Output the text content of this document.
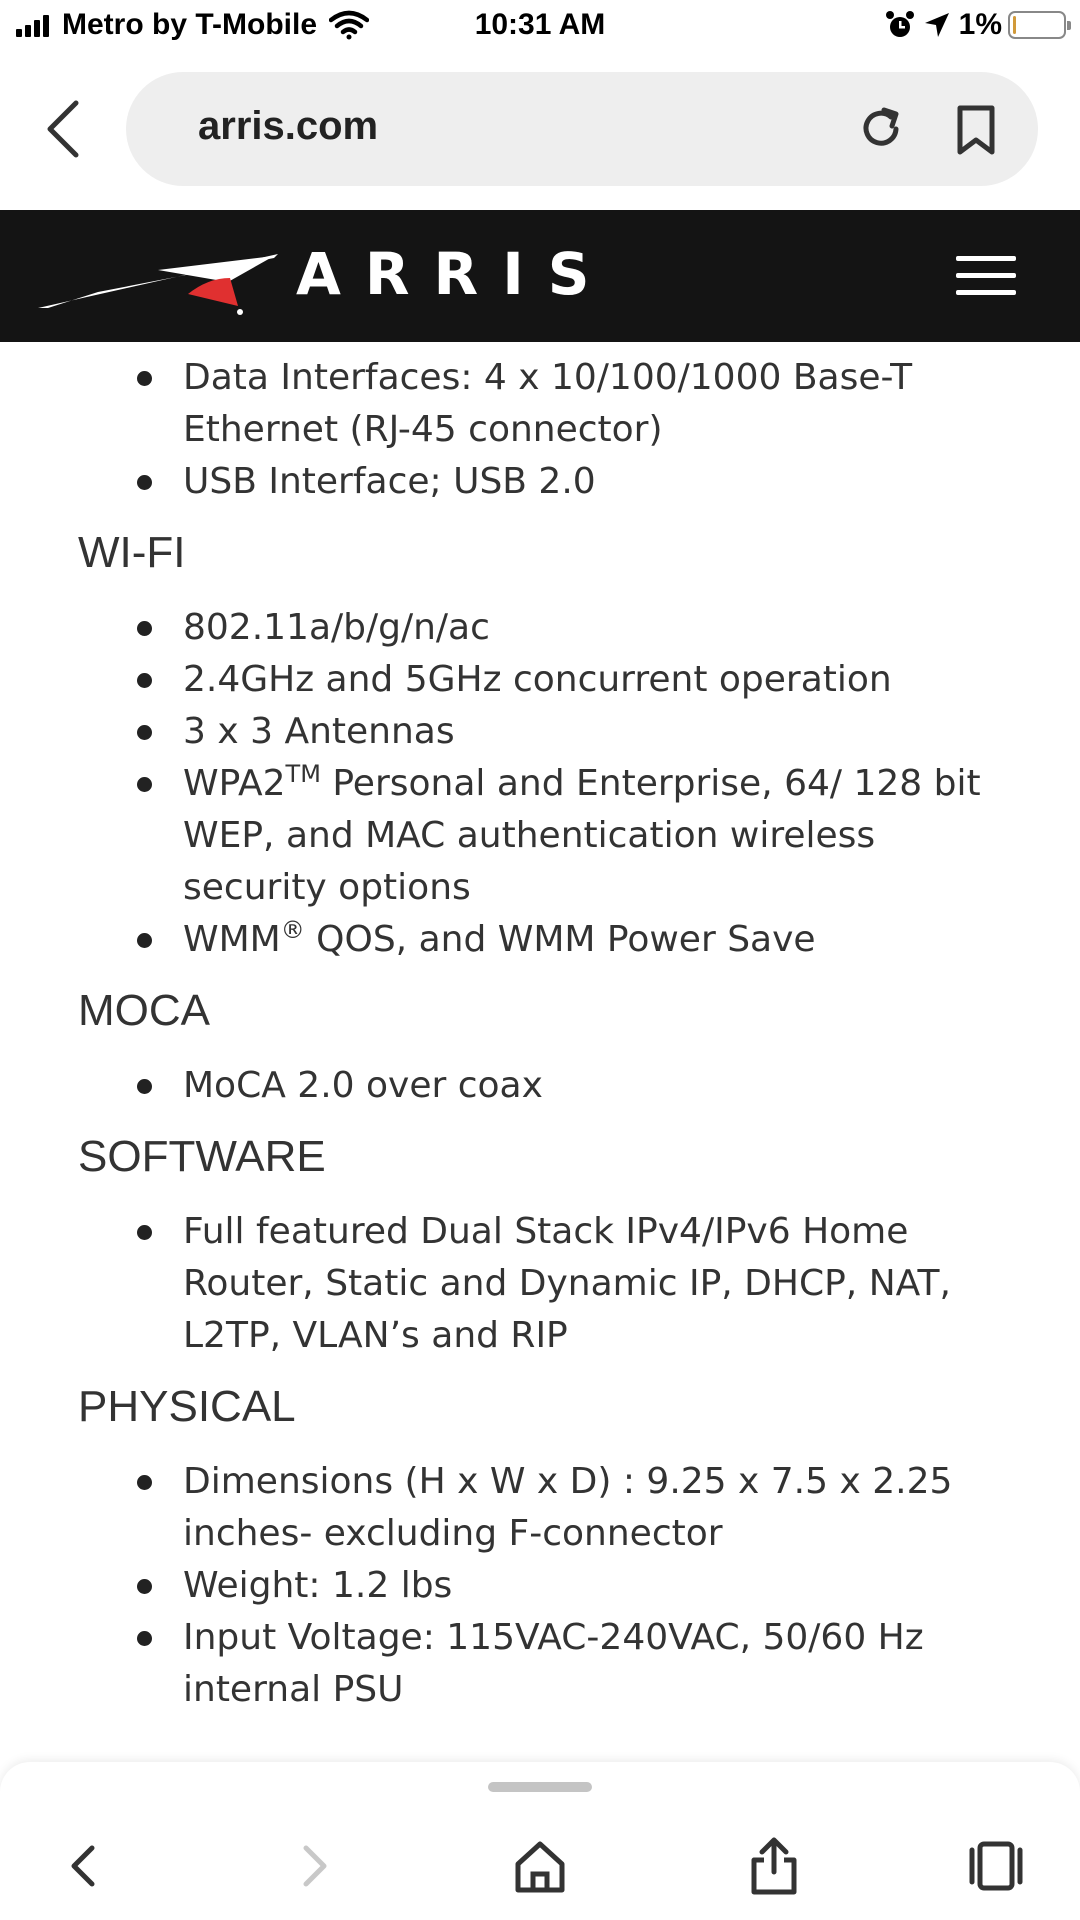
Metro by T-Mobile	10:31 AM	1%
arris.com
ARRIS
Data Interfaces: 4 x 10/100/1000 Base-T Ethernet (RJ-45 connector)
USB Interface; USB 2.0
WI-FI
802.11a/b/g/n/ac
2.4GHz and 5GHz concurrent operation
3 x 3 Antennas
WPA2™ Personal and Enterprise, 64/ 128 bit WEP, and MAC authentication wireless security options
WMM® QOS, and WMM Power Save
MOCA
MoCA 2.0 over coax
SOFTWARE
Full featured Dual Stack IPv4/IPv6 Home Router, Static and Dynamic IP, DHCP, NAT, L2TP, VLAN’s and RIP
PHYSICAL
Dimensions (H x W x D) : 9.25 x 7.5 x 2.25 inches- excluding F-connector
Weight: 1.2 lbs
Input Voltage: 115VAC-240VAC, 50/60 Hz internal PSU
